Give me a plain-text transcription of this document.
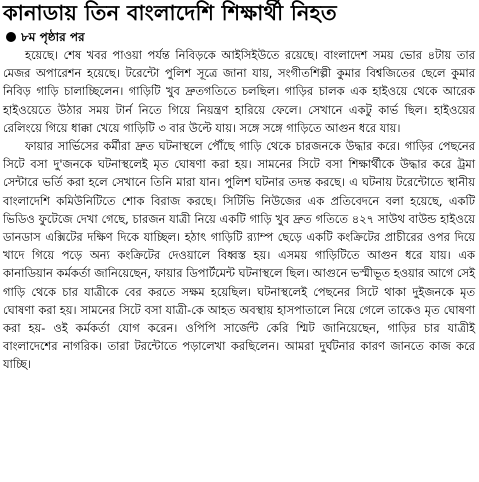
কানাডায় তিন বাংলাদেশি শিক্ষার্থী নিহত
৮ম পৃষ্ঠার পর

হয়েছে। শেষ খবর পাওয়া পর্যন্ত নিবিড়কে আইসিইউতে রয়েছে। বাংলাদেশ সময় ভোর ৪টায় তার মেজর অপারেশন হয়েছে। টরেন্টো পুলিশ সূত্রে জানা যায়, সংগীতশিল্পী কুমার বিশ্বজিতের ছেলে কুমার নিবিড় গাড়ি চালাচ্ছিলেন। গাড়িটি খুব দ্রুতগতিতে চলছিল। গাড়ির চালক এক হাইওয়ে থেকে আরেক হাইওয়েতে উঠার সময় টার্ন নিতে গিয়ে নিয়ন্ত্রণ হারিয়ে ফেলে। সেখানে একটু কার্ভ ছিল। হাইওয়ের রেলিংয়ে গিয়ে ধাক্কা খেয়ে গাড়িটি ৩ বার উল্টে যায়। সঙ্গে সঙ্গে গাড়িতে আগুন ধরে যায়।

ফায়ার সার্ভিসের কর্মীরা দ্রুত ঘটনাস্থলে পৌঁছে গাড়ি থেকে চারজনকে উদ্ধার করে। গাড়ির পেছনের সিটে বসা দু'জনকে ঘটনাস্থলেই মৃত ঘোষণা করা হয়। সামনের সিটে বসা শিক্ষার্থীকে উদ্ধার করে ট্রমা সেন্টারে ভর্তি করা হলে সেখানে তিনি মারা যান। পুলিশ ঘটনার তদন্ত করছে। এ ঘটনায় টরেন্টোতে স্থানীয় বাংলাদেশি কমিউনিটিতে শোক বিরাজ করছে। সিটিভি নিউজের এক প্রতিবেদনে বলা হয়েছে, একটি ভিডিও ফুটেজে দেখা গেছে, চারজন যাত্রী নিয়ে একটি গাড়ি খুব দ্রুত গতিতে ৪২৭ সাউথ বাউন্ড হাইওয়ে ডানডাস এক্সিটের দক্ষিণ দিকে যাচ্ছিল। হঠাৎ গাড়িটি র‍্যাম্প ছেড়ে একটি কংক্রিটের প্রাচীরের ওপর দিয়ে খাদে গিয়ে পড়ে অন্য কংক্রিটের দেওয়ালে বিধ্বস্ত হয়। এসময় গাড়িটিতে আগুন ধরে যায়। এক কানাডিয়ান কর্মকর্তা জানিয়েছেন, ফায়ার ডিপার্টমেন্ট ঘটনাস্থলে ছিল। আগুনে ভস্মীভূত হওয়ার আগে সেই গাড়ি থেকে চার যাত্রীকে বের করতে সক্ষম হয়েছিল। ঘটনাস্থলেই পেছনের সিটে থাকা দুইজনকে মৃত ঘোষণা করা হয়। সামনের সিটে বসা যাত্রী-কে আহত অবস্থায় হাসপাতালে নিয়ে গেলে তাকেও মৃত ঘোষণা করা হয়- ওই কর্মকর্তা যোগ করেন। ওপিপি সার্জেন্ট কেরি শ্মিট জানিয়েছেন, গাড়ির চার যাত্রীই বাংলাদেশের নাগরিক। তারা টরন্টোতে পড়ালেখা করছিলেন। আমরা দুর্ঘটনার কারণ জানতে কাজ করে যাচ্ছি।
